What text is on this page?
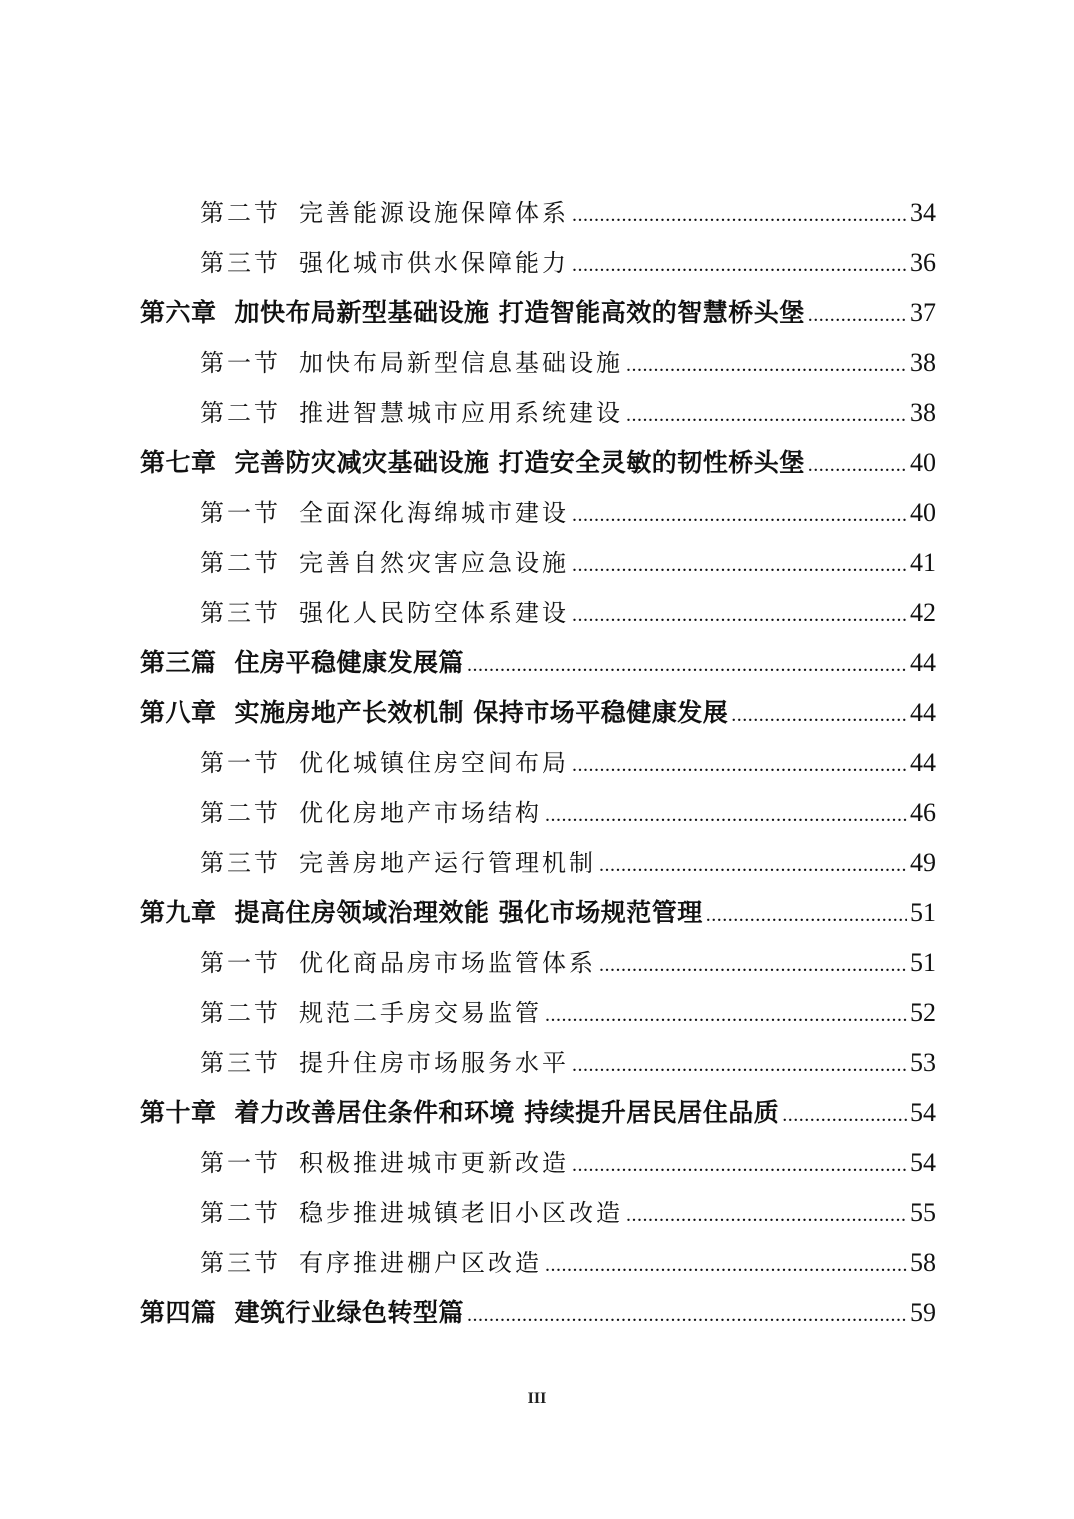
第二节 完善能源设施保障体系 .....	34
第三节 强化城市供水保障能力 .....	36
第六章 加快布局新型基础设施 打造智能高效的智慧桥头堡 .....	37
第一节 加快布局新型信息基础设施 .....	38
第二节 推进智慧城市应用系统建设 .....	38
第七章 完善防灾减灾基础设施 打造安全灵敏的韧性桥头堡 .....	40
第一节 全面深化海绵城市建设 .....	40
第二节 完善自然灾害应急设施 .....	41
第三节 强化人民防空体系建设 .....	42
第三篇 住房平稳健康发展篇 .....	44
第八章 实施房地产长效机制 保持市场平稳健康发展 .....	44
第一节 优化城镇住房空间布局 .....	44
第二节 优化房地产市场结构 .....	46
第三节 完善房地产运行管理机制 .....	49
第九章 提高住房领域治理效能 强化市场规范管理 .....	51
第一节 优化商品房市场监管体系 .....	51
第二节 规范二手房交易监管 .....	52
第三节 提升住房市场服务水平 .....	53
第十章 着力改善居住条件和环境 持续提升居民居住品质 .....	54
第一节 积极推进城市更新改造 .....	54
第二节 稳步推进城镇老旧小区改造 .....	55
第三节 有序推进棚户区改造 .....	58
第四篇 建筑行业绿色转型篇 .....	59
III
